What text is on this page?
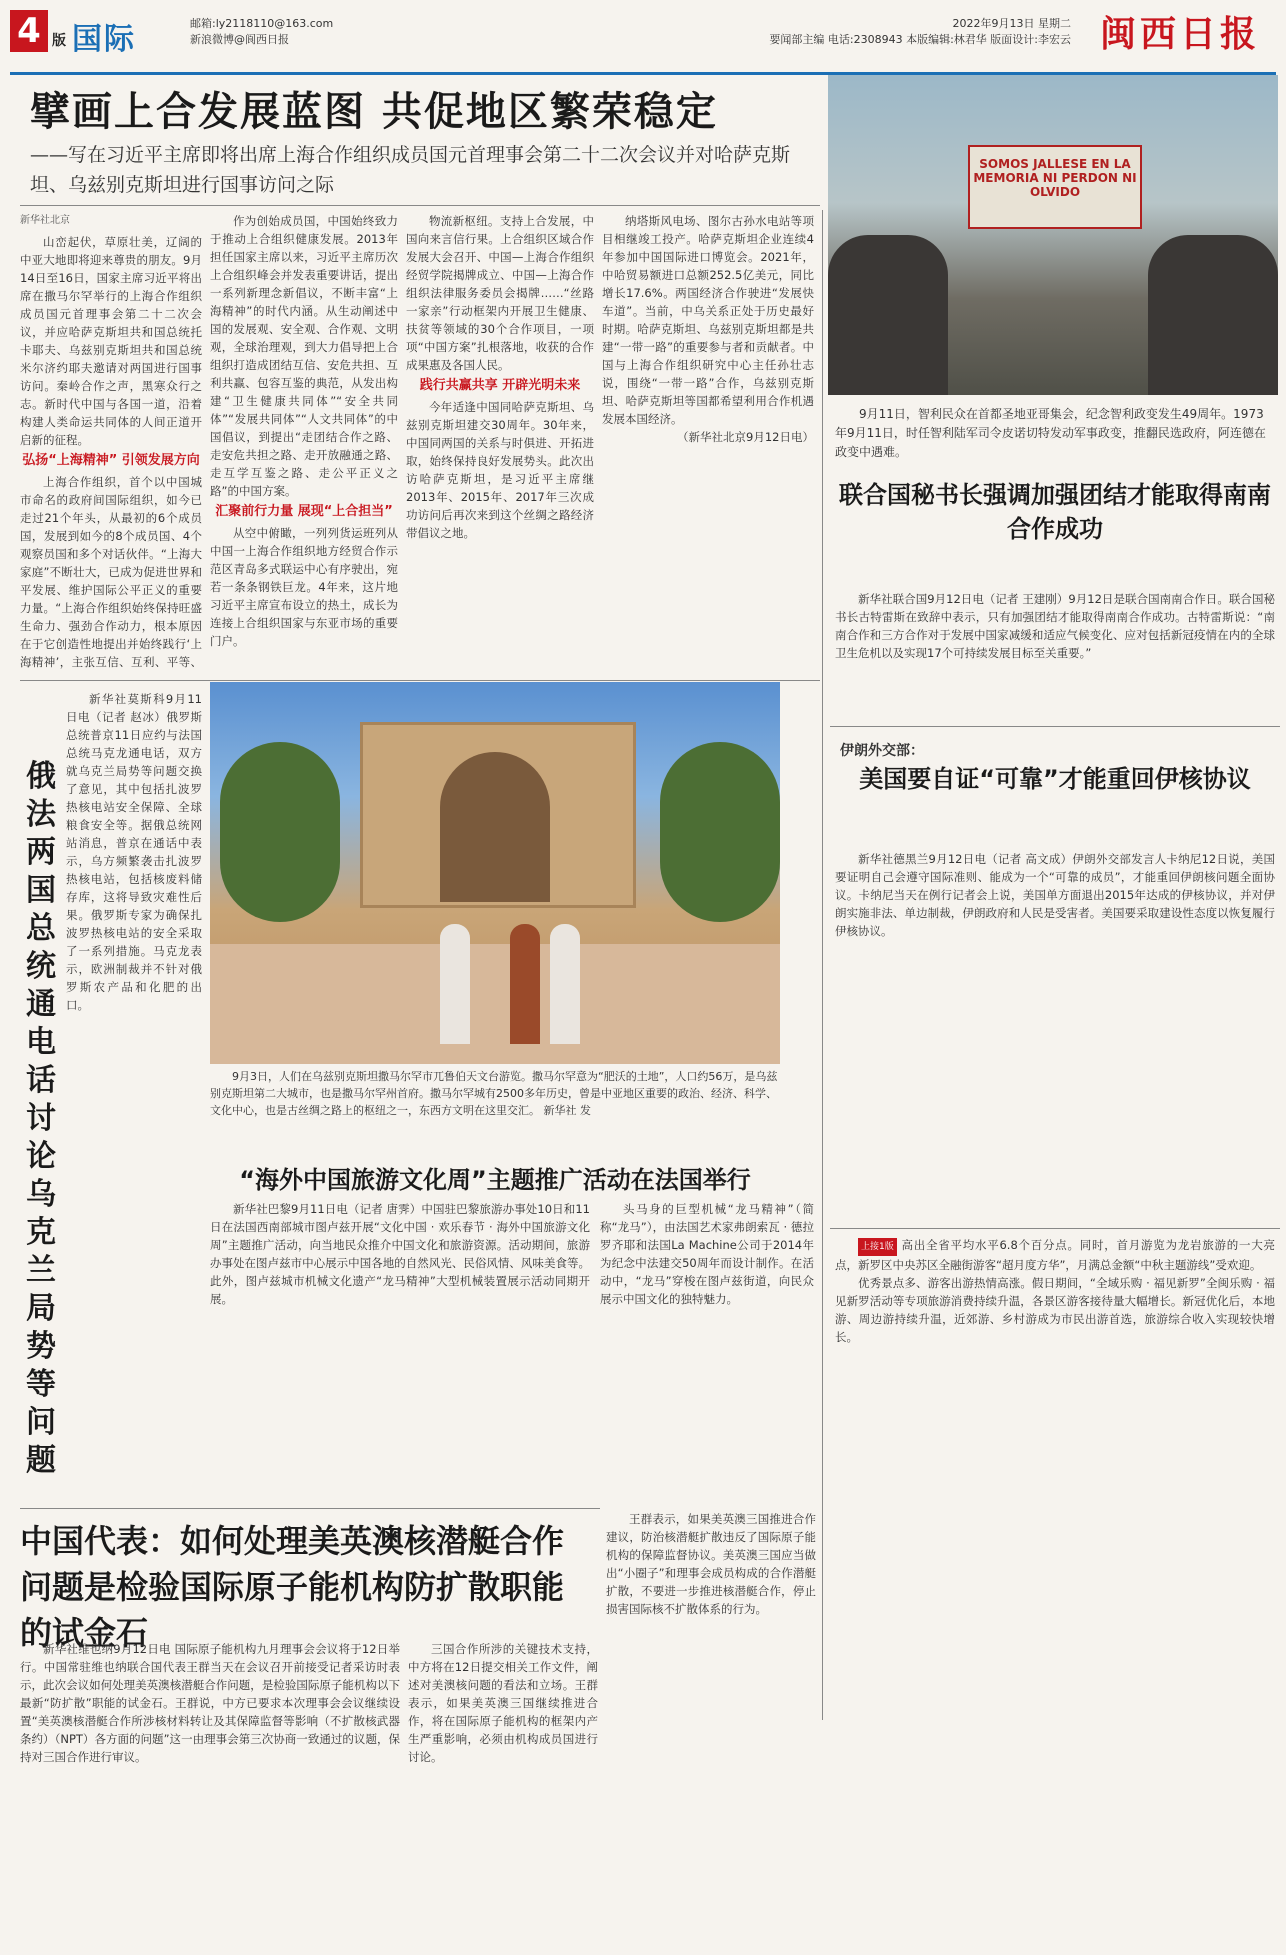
4 版 国际	邮箱:ly2118110@163.com
新浪微博@阆西日报
2022年9月13日 星期二
要闻部主编 电话:2308943 本版编辑:林君华 版面设计:李宏云 闽西日报
擘画上合发展蓝图 共促地区繁荣稳定
——写在习近平主席即将出席上海合作组织成员国元首理事会第二十二次会议并对哈萨克斯坦、乌兹别克斯坦进行国事访问之际
SOMOS JALLESE EN LA MEMORIA NI PERDON NI OLVIDO
9月11日，智利民众在首都圣地亚哥集会，纪念智利政变发生49周年。1973年9月11日，时任智利陆军司令皮诺切特发动军事政变，推翻民选政府，阿连德在政变中遇难。
新华社北京

山峦起伏，草原壮美，辽阔的中亚大地即将迎来尊贵的朋友。9月14日至16日，国家主席习近平将出席在撒马尔罕举行的上海合作组织成员国元首理事会第二十二次会议，并应哈萨克斯坦共和国总统托卡耶夫、乌兹别克斯坦共和国总统米尔济约耶夫邀请对两国进行国事访问。秦岭合作之声，黑寒众行之志。新时代中国与各国一道，沿着构建人类命运共同体的人间正道开启新的征程。

弘扬“上海精神” 引领发展方向

上海合作组织，首个以中国城市命名的政府间国际组织，如今已走过21个年头，从最初的6个成员国，发展到如今的8个成员国、4个观察员国和多个对话伙伴。“上海大家庭”不断壮大，已成为促进世界和平发展、维护国际公平正义的重要力量。“上海合作组织始终保持旺盛生命力、强劲合作动力，根本原因在于它创造性地提出并始终践行‘上海精神’，主张互信、互利、平等、

作为创始成员国，中国始终致力于推动上合组织健康发展。2013年担任国家主席以来，习近平主席历次上合组织峰会并发表重要讲话，提出一系列新理念新倡议，不断丰富“上海精神”的时代内涵。从生动阐述中国的发展观、安全观、合作观、文明观，全球治理观，到大力倡导把上合组织打造成团结互信、安危共担、互利共赢、包容互鉴的典范，从发出构建“卫生健康共同体”“安全共同体”“发展共同体”“人文共同体”的中国倡议，到提出“走团结合作之路、走安危共担之路、走开放融通之路、走互学互鉴之路、走公平正义之路”的中国方案。

汇聚前行力量 展现“上合担当”

从空中俯瞰，一列列货运班列从中国一上海合作组织地方经贸合作示范区青岛多式联运中心有序驶出，宛若一条条钢铁巨龙。4年来，这片地习近平主席宣布设立的热土，成长为连接上合组织国家与东亚市场的重要门户。

物流新枢纽。支持上合发展，中国向来言信行果。上合组织区域合作发展大会召开、中国—上海合作组织经贸学院揭牌成立、中国—上海合作组织法律服务委员会揭牌……“丝路一家亲”行动框架内开展卫生健康、扶贫等领域的30个合作项目，一项项“中国方案”扎根落地，收获的合作成果惠及各国人民。

践行共赢共享 开辟光明未来

今年适逢中国同哈萨克斯坦、乌兹别克斯坦建交30周年。30年来，中国同两国的关系与时俱进、开拓进取，始终保持良好发展势头。此次出访哈萨克斯坦，是习近平主席继2013年、2015年、2017年三次成功访问后再次来到这个丝绸之路经济带倡议之地。

纳塔斯风电场、图尔古孙水电站等项目相继竣工投产。哈萨克斯坦企业连续4年参加中国国际进口博览会。2021年，中哈贸易额进口总额252.5亿美元，同比增长17.6%。两国经济合作驶进“发展快车道”。当前，中乌关系正处于历史最好时期。哈萨克斯坦、乌兹别克斯坦都是共建“一带一路”的重要参与者和贡献者。中国与上海合作组织研究中心主任孙壮志说，围绕“一带一路”合作，乌兹别克斯坦、哈萨克斯坦等国都希望利用合作机遇发展本国经济。

（新华社北京9月12日电）

联合国秘书长强调加强团结才能取得南南合作成功

新华社联合国9月12日电（记者 王建刚）9月12日是联合国南南合作日。联合国秘书长古特雷斯在致辞中表示，只有加强团结才能取得南南合作成功。古特雷斯说：“南南合作和三方合作对于发展中国家减缓和适应气候变化、应对包括新冠疫情在内的全球卫生危机以及实现17个可持续发展目标至关重要。”

伊朗外交部：
美国要自证“可靠”才能重回伊核协议

新华社德黑兰9月12日电（记者 高文成）伊朗外交部发言人卡纳尼12日说，美国要证明自己会遵守国际准则、能成为一个“可靠的成员”，才能重回伊朗核问题全面协议。卡纳尼当天在例行记者会上说，美国单方面退出2015年达成的伊核协议，并对伊朗实施非法、单边制裁，伊朗政府和人民是受害者。美国要采取建设性态度以恢复履行伊核协议。

上接1版 高出全省平均水平6.8个百分点。同时，首月游览为龙岩旅游的一大亮点，新罗区中央苏区全融街游客“超月度方华”，月满总金额“中秋主题游线”受欢迎。

优秀景点多、游客出游热情高涨。假日期间，“全域乐购 · 福见新罗”全闽乐购 · 福见新罗活动等专项旅游消费持续升温，各景区游客接待量大幅增长。新冠优化后，本地游、周边游持续升温，近郊游、乡村游成为市民出游首选，旅游综合收入实现较快增长。

俄法两国总统通电话讨论乌克兰局势等问题

新华社莫斯科9月11日电（记者 赵冰）俄罗斯总统普京11日应约与法国总统马克龙通电话，双方就乌克兰局势等问题交换了意见，其中包括扎波罗热核电站安全保障、全球粮食安全等。据俄总统网站消息，普京在通话中表示，乌方频繁袭击扎波罗热核电站，包括核废料储存库，这将导致灾难性后果。俄罗斯专家为确保扎波罗热核电站的安全采取了一系列措施。马克龙表示，欧洲制裁并不针对俄罗斯农产品和化肥的出口。

9月3日，人们在乌兹别克斯坦撒马尔罕市兀鲁伯天文台游览。撒马尔罕意为“肥沃的土地”，人口约56万，是乌兹别克斯坦第二大城市，也是撒马尔罕州首府。撒马尔罕城有2500多年历史，曾是中亚地区重要的政治、经济、科学、文化中心，也是古丝绸之路上的枢纽之一，东西方文明在这里交汇。 新华社 发
“海外中国旅游文化周”主题推广活动在法国举行

新华社巴黎9月11日电（记者 唐霁）中国驻巴黎旅游办事处10日和11日在法国西南部城市图卢兹开展“文化中国 · 欢乐春节 · 海外中国旅游文化周”主题推广活动，向当地民众推介中国文化和旅游资源。活动期间，旅游办事处在图卢兹市中心展示中国各地的自然风光、民俗风情、风味美食等。此外，图卢兹城市机械文化遗产“龙马精神”大型机械装置展示活动同期开展。

头马身的巨型机械“龙马精神”（简称“龙马”），由法国艺术家弗朗索瓦 · 德拉罗齐耶和法国La Machine公司于2014年为纪念中法建交50周年而设计制作。在活动中，“龙马”穿梭在图卢兹街道，向民众展示中国文化的独特魅力。

中国代表：如何处理美英澳核潜艇合作问题是检验国际原子能机构防扩散职能的试金石

新华社维也纳9月12日电 国际原子能机构九月理事会会议将于12日举行。中国常驻维也纳联合国代表王群当天在会议召开前接受记者采访时表示，此次会议如何处理美英澳核潜艇合作问题，是检验国际原子能机构以下最新“防扩散”职能的试金石。王群说，中方已要求本次理事会会议继续设置“美英澳核潜艇合作所涉核材料转让及其保障监督等影响（不扩散核武器条约）（NPT）各方面的问题”这一由理事会第三次协商一致通过的议题，保持对三国合作进行审议。

三国合作所涉的关键技术支持，中方将在12日提交相关工作文件，阐述对美澳核问题的看法和立场。王群表示，如果美英澳三国继续推进合作，将在国际原子能机构的框架内产生严重影响，必须由机构成员国进行讨论。

王群表示，如果美英澳三国推进合作建议，防治核潜艇扩散违反了国际原子能机构的保障监督协议。美英澳三国应当做出“小圈子”和理事会成员构成的合作潜艇扩散，不要进一步推进核潜艇合作，停止损害国际核不扩散体系的行为。
